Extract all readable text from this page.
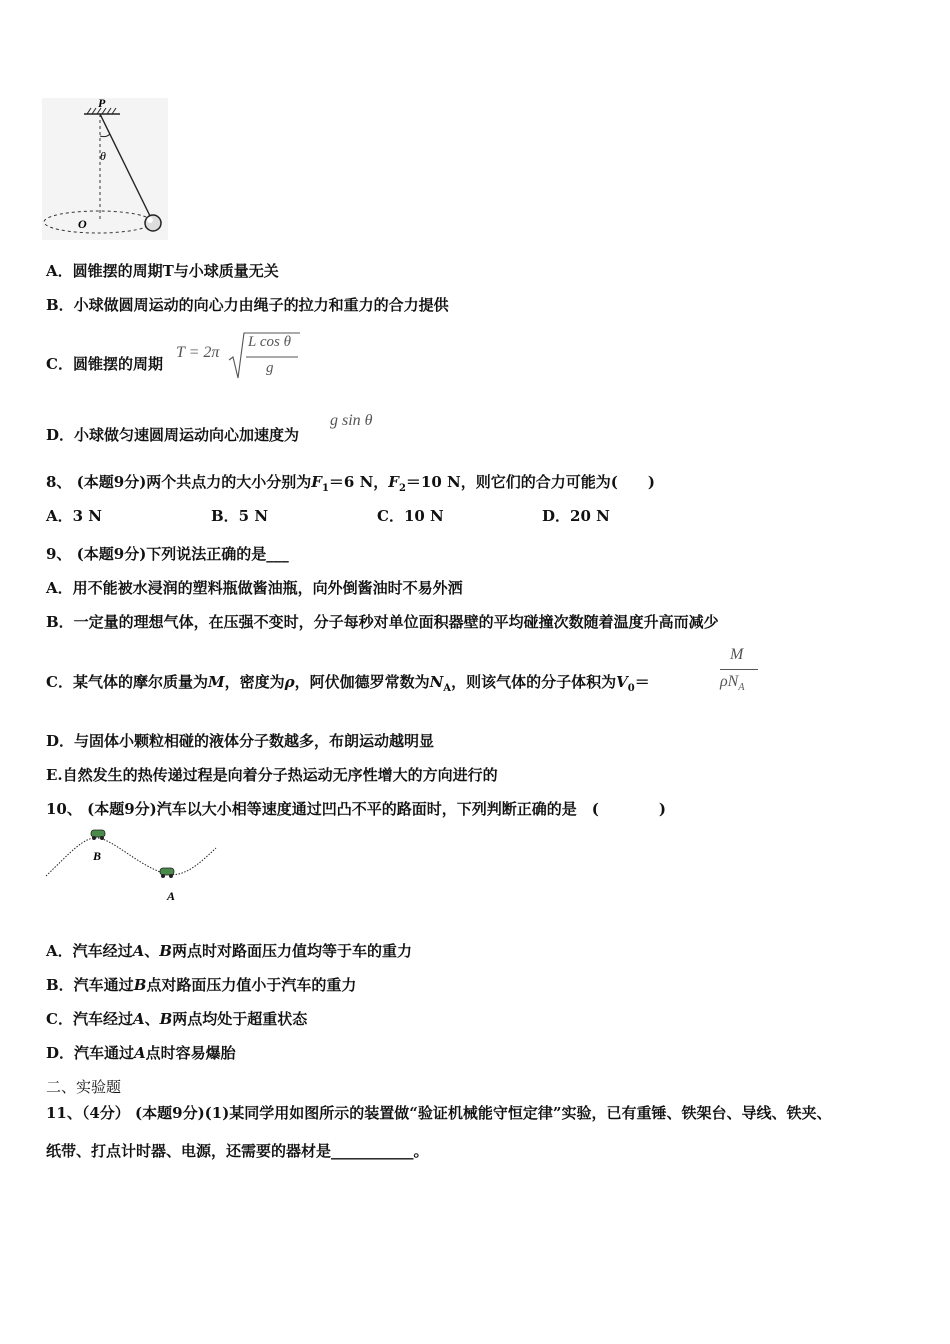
P
θ
O
A．圆锥摆的周期T与小球质量无关
B．小球做圆周运动的向心力由绳子的拉力和重力的合力提供
C．圆锥摆的周期
T = 2π
L cos θ
g
D．小球做匀速圆周运动向心加速度为
g sin θ
8、 (本题9分)两个共点力的大小分别为$F_1=6$ N，$F_2=10$ N，则它们的合力可能为(　　)
A．3 N	B．5 N	C．10 N	D．20 N
9、 (本题9分)下列说法正确的是___
A．用不能被水浸润的塑料瓶做酱油瓶，向外倒酱油时不易外洒
B．一定量的理想气体，在压强不变时，分子每秒对单位面积器壁的平均碰撞次数随着温度升高而减少
C．某气体的摩尔质量为M，密度为ρ，阿伏伽德罗常数为$N_A$，则该气体的分子体积为$V_0=$
M
$\rho N_A$
D．与固体小颗粒相碰的液体分子数越多，布朗运动越明显
E.自然发生的热传递过程是向着分子热运动无序性增大的方向进行的
10、 (本题9分)汽车以大小相等速度通过凹凸不平的路面时，下列判断正确的是　(　　　　)
B
A
A．汽车经过A、B两点时对路面压力值均等于车的重力
B．汽车通过B点对路面压力值小于汽车的重力
C．汽车经过A、B两点均处于超重状态
D．汽车通过A点时容易爆胎
二、实验题
11、（4分） (本题9分)(1)某同学用如图所示的装置做“验证机械能守恒定律”实验，已有重锤、铁架台、导线、铁夹、
纸带、打点计时器、电源，还需要的器材是___________。
